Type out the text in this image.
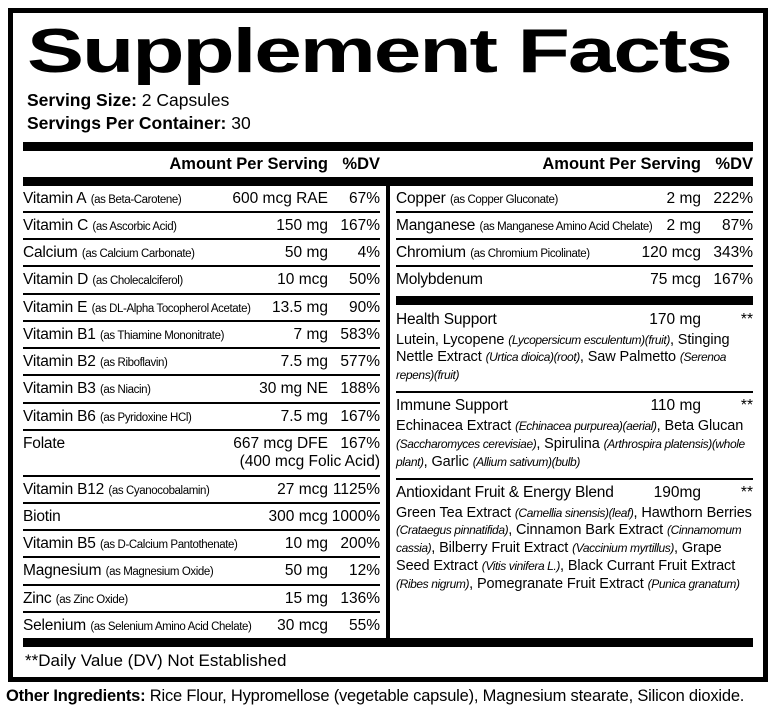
Supplement Facts
Serving Size: 2 Capsules
Servings Per Container: 30
Amount Per Serving %DV	Amount Per Serving %DV
Vitamin A (as Beta-Carotene)	600 mcg RAE	67%
Vitamin C (as Ascorbic Acid)	150 mg 167%
Calcium (as Calcium Carbonate)	50 mg	4%
Vitamin D (as Cholecalciferol)	10 mcg	50%
Vitamin E (as DL-Alpha Tocopherol Acetate)	13.5 mg	90%
Vitamin B1 (as Thiamine Mononitrate)	7 mg 583%
Vitamin B2 (as Riboflavin)	7.5 mg 577%
Vitamin B3 (as Niacin)	30 mg NE 188%
Vitamin B6 (as Pyridoxine HCl)	7.5 mg 167%
Folate	667 mcg DFE 167%
(400 mcg Folic Acid)
Vitamin B12 (as Cyanocobalamin)	27 mcg 1125%
Biotin	300 mcg 1000%
Vitamin B5 (as D-Calcium Pantothenate)	10 mg 200%
Magnesium (as Magnesium Oxide)	50 mg	12%
Zinc (as Zinc Oxide)	15 mg 136%
Selenium (as Selenium Amino Acid Chelate)	30 mcg	55%
Copper (as Copper Gluconate)	2 mg 222%
Manganese (as Manganese Amino Acid Chelate) 2 mg	87%
Chromium (as Chromium Picolinate)	120 mcg 343%
Molybdenum	75 mcg 167%
Health Support	170 mg	**
Lutein, Lycopene (Lycopersicum esculentum)(fruit), Stinging Nettle Extract (Urtica dioica)(root), Saw Palmetto (Serenoa repens)(fruit)
Immune Support	110 mg	**
Echinacea Extract (Echinacea purpurea)(aerial), Beta Glucan (Saccharomyces cerevisiae), Spirulina (Arthrospira platensis)(whole plant), Garlic (Allium sativum)(bulb)
Antioxidant Fruit & Energy Blend	190mg	**
Green Tea Extract (Camellia sinensis)(leaf), Hawthorn Berries (Crataegus pinnatifida), Cinnamon Bark Extract (Cinnamomum cassia), Bilberry Fruit Extract (Vaccinium myrtillus), Grape Seed Extract (Vitis vinifera L.), Black Currant Fruit Extract (Ribes nigrum), Pomegranate Fruit Extract (Punica granatum)
**Daily Value (DV) Not Established
Other Ingredients: Rice Flour, Hypromellose (vegetable capsule), Magnesium stearate, Silicon dioxide.
